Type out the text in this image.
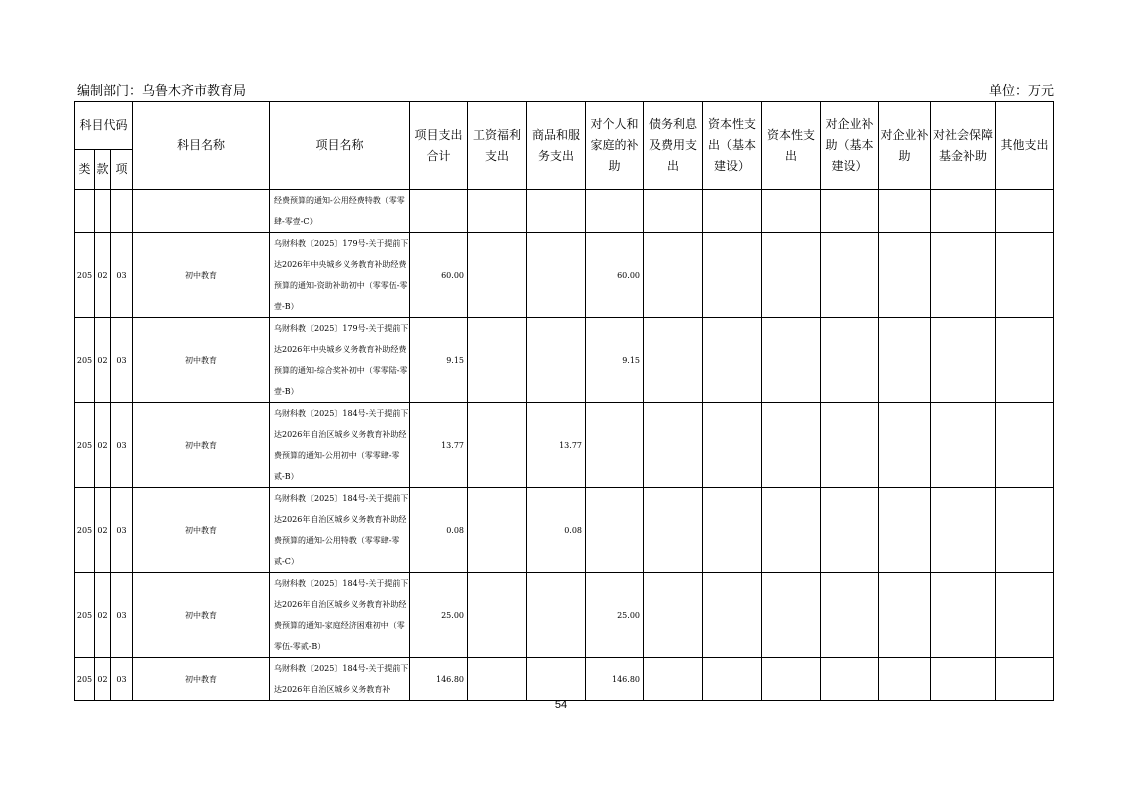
编制部门：乌鲁木齐市教育局	单位：万元
科目代码			科目名称	项目名称	项目支出合计	工资福利支出	商品和服务支出	对个人和家庭的补助	债务利息及费用支出	资本性支出（基本建设）	资本性支出	对企业补助（基本建设）	对企业补助	对社会保障基金补助	其他支出
类	款	项													
				经费预算的通知-公用经费特教（零零肆-零壹-C）											
205	02	03	初中教育	乌财科教〔2025〕179号-关于提前下达2026年中央城乡义务教育补助经费预算的通知-资助补助初中（零零伍-零壹-B）	60.00			60.00							
205	02	03	初中教育	乌财科教〔2025〕179号-关于提前下达2026年中央城乡义务教育补助经费预算的通知-综合奖补初中（零零陆-零壹-B）	9.15			9.15							
205	02	03	初中教育	乌财科教〔2025〕184号-关于提前下达2026年自治区城乡义务教育补助经费预算的通知-公用初中（零零肆-零贰-B）	13.77		13.77								
205	02	03	初中教育	乌财科教〔2025〕184号-关于提前下达2026年自治区城乡义务教育补助经费预算的通知-公用特教（零零肆-零贰-C）	0.08		0.08								
205	02	03	初中教育	乌财科教〔2025〕184号-关于提前下达2026年自治区城乡义务教育补助经费预算的通知-家庭经济困难初中（零零伍-零贰-B）	25.00			25.00							
205	02	03	初中教育	乌财科教〔2025〕184号-关于提前下达2026年自治区城乡义务教育补	146.80			146.80							
54
